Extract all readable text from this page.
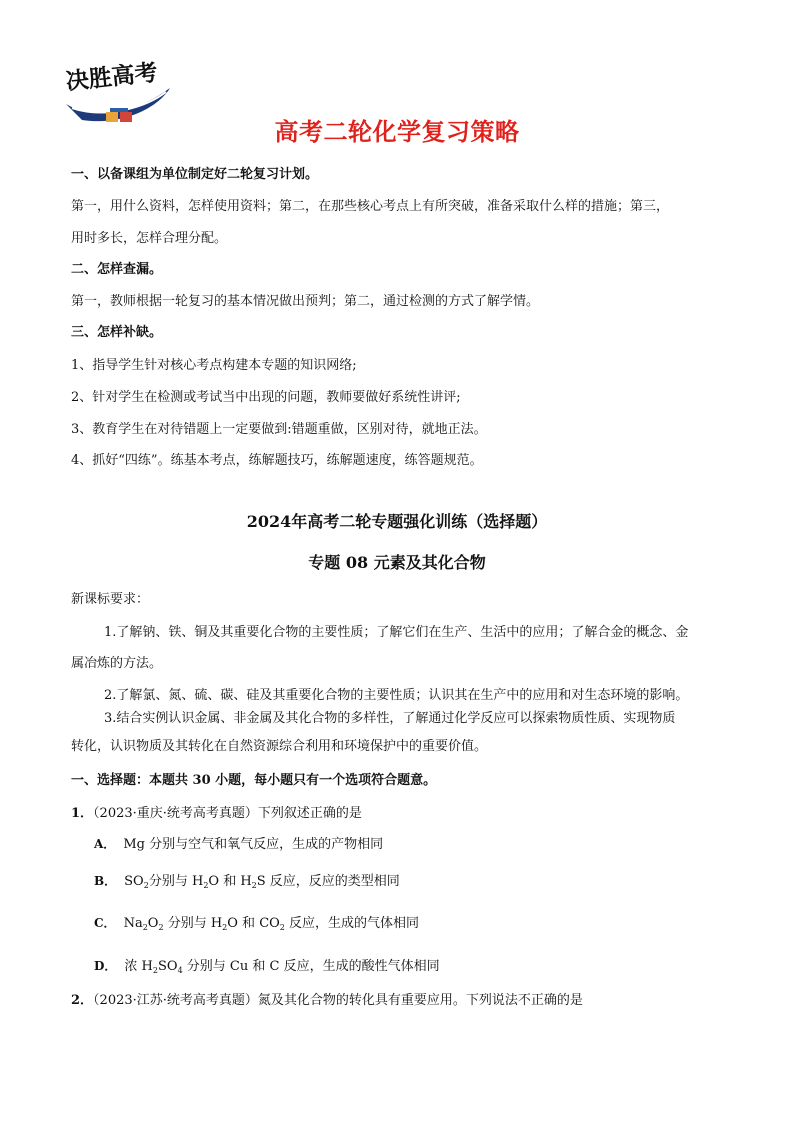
决胜高考
高考二轮化学复习策略
一、以备课组为单位制定好二轮复习计划。
第一，用什么资料，怎样使用资料；第二，在那些核心考点上有所突破，准备采取什么样的措施；第三，
用时多长，怎样合理分配。
二、怎样查漏。
第一，教师根据一轮复习的基本情况做出预判；第二，通过检测的方式了解学情。
三、怎样补缺。
1、指导学生针对核心考点构建本专题的知识网络;
2、针对学生在检测或考试当中出现的问题，教师要做好系统性讲评;
3、教育学生在对待错题上一定要做到:错题重做，区别对待，就地正法。
4、抓好“四练”。练基本考点，练解题技巧，练解题速度，练答题规范。
2024年高考二轮专题强化训练（选择题）
专题 08 元素及其化合物
新课标要求：
1.了解钠、铁、铜及其重要化合物的主要性质；了解它们在生产、生活中的应用；了解合金的概念、金
属冶炼的方法。
2.了解氯、氮、硫、碳、硅及其重要化合物的主要性质；认识其在生产中的应用和对生态环境的影响。
3.结合实例认识金属、非金属及其化合物的多样性，了解通过化学反应可以探索物质性质、实现物质
转化，认识物质及其转化在自然资源综合利用和环境保护中的重要价值。
一、选择题：本题共 30 小题，每小题只有一个选项符合题意。
1．（2023·重庆·统考高考真题）下列叙述正确的是
A． Mg 分别与空气和氧气反应，生成的产物相同
B． $SO_2$分别与 $H_2O$ 和 $H_2S$ 反应，反应的类型相同
C． $Na_2O_2$ 分别与 $H_2O$ 和 $CO_2$ 反应，生成的气体相同
D． 浓 $H_2SO_4$ 分别与 Cu 和 C 反应，生成的酸性气体相同
2．（2023·江苏·统考高考真题）氮及其化合物的转化具有重要应用。下列说法不正确的是
